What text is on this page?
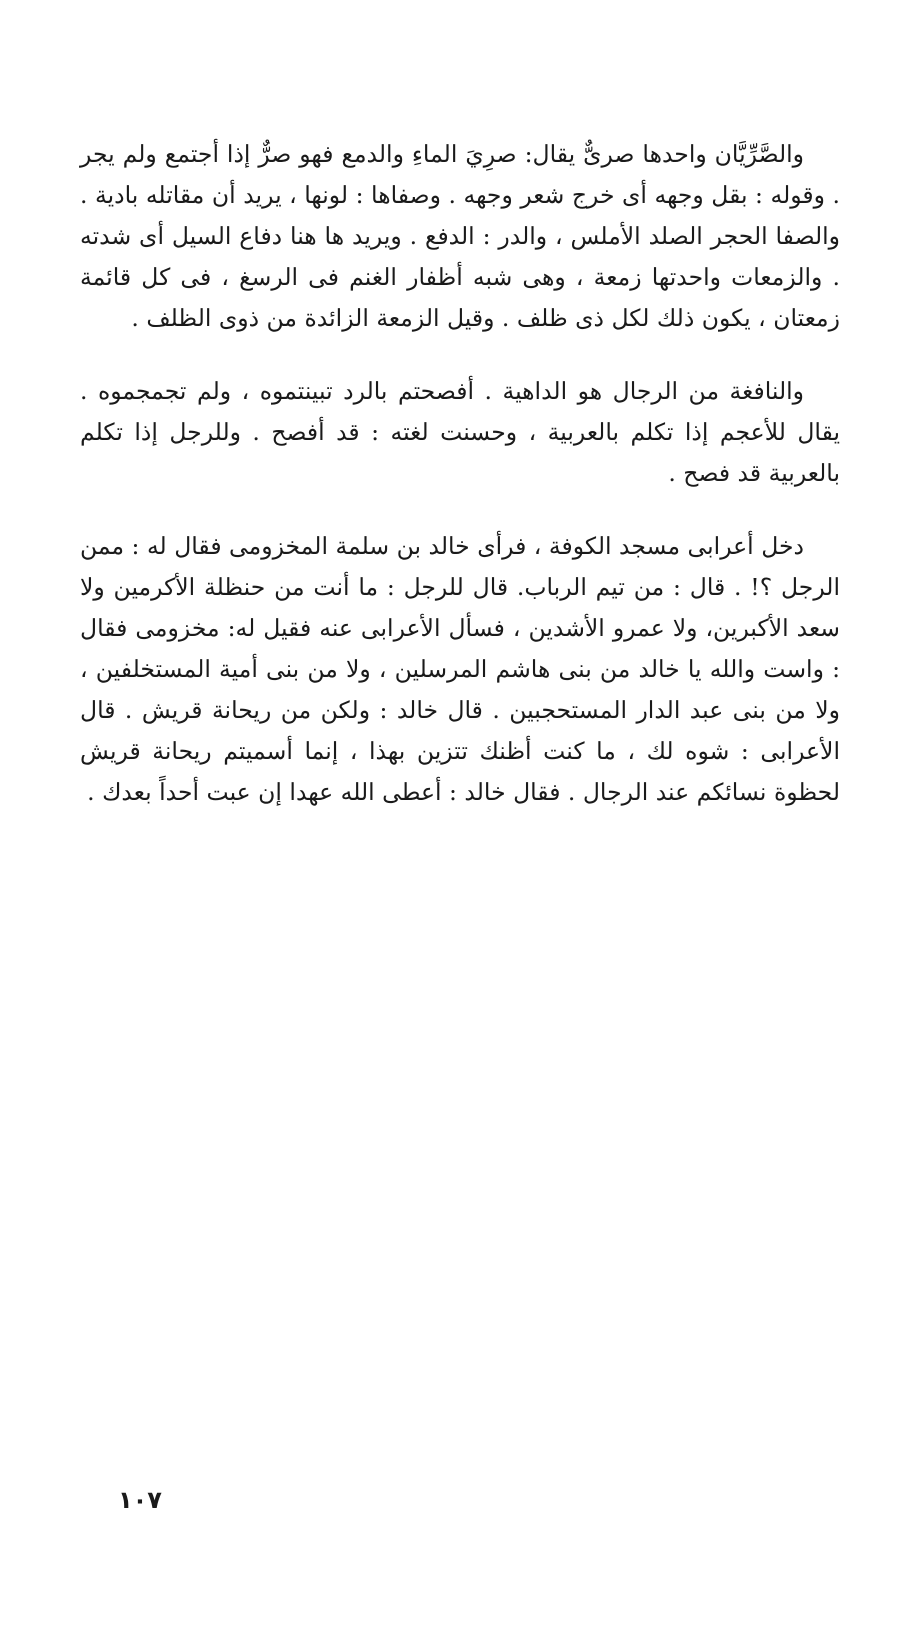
والصَّرِّيَّان واحدها صرىٌّ يقال: صرِيَ الماءِ والدمع فهو صرٌّ إذا أجتمع ولم يجر . وقوله : بقل وجهه أى خرج شعر وجهه . وصفاها : لونها ، يريد أن مقاتله بادية . والصفا الحجر الصلد الأملس ، والدر : الدفع . ويريد ها هنا دفاع السيل أى شدته . والزمعات واحدتها زمعة ، وهى شبه أظفار الغنم فى الرسغ ، فى كل قائمة زمعتان ، يكون ذلك لكل ذى ظلف . وقيل الزمعة الزائدة من ذوى الظلف .

والنافغة من الرجال هو الداهية . أفصحتم بالرد تبينتموه ، ولم تجمجموه . يقال للأعجم إذا تكلم بالعربية ، وحسنت لغته : قد أفصح . وللرجل إذا تكلم بالعربية قد فصح .

دخل أعرابى مسجد الكوفة ، فرأى خالد بن سلمة المخزومى فقال له : ممن الرجل ؟! . قال : من تيم الرباب. قال للرجل : ما أنت من حنظلة الأكرمين ولا سعد الأكبرين، ولا عمرو الأشدين ، فسأل الأعرابى عنه فقيل له: مخزومى فقال : واست والله يا خالد من بنى هاشم المرسلين ، ولا من بنى أمية المستخلفين ، ولا من بنى عبد الدار المستحجبين . قال خالد : ولكن من ريحانة قريش . قال الأعرابى : شوه لك ، ما كنت أظنك تتزين بهذا ، إنما أسميتم ريحانة قريش لحظوة نسائكم عند الرجال . فقال خالد : أعطى الله عهدا إن عبت أحداً بعدك .

١٠٧
